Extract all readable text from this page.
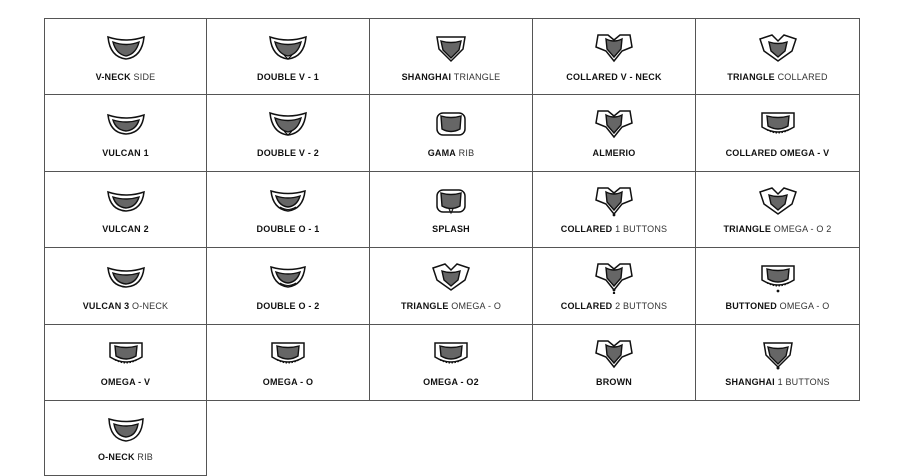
V-NECK SIDE	DOUBLE V - 1	SHANGHAI TRIANGLE	COLLARED V - NECK	TRIANGLE COLLARED
VULCAN 1	DOUBLE V - 2	GAMA RIB	ALMERIO	COLLARED OMEGA - V
VULCAN 2	DOUBLE O - 1	SPLASH	COLLARED 1 BUTTONS	TRIANGLE OMEGA - O 2
VULCAN 3 O-NECK	DOUBLE O - 2	TRIANGLE OMEGA - O	COLLARED 2 BUTTONS	BUTTONED OMEGA - O
OMEGA - V	OMEGA - O	OMEGA - O2	BROWN	SHANGHAI 1 BUTTONS
O-NECK RIB
